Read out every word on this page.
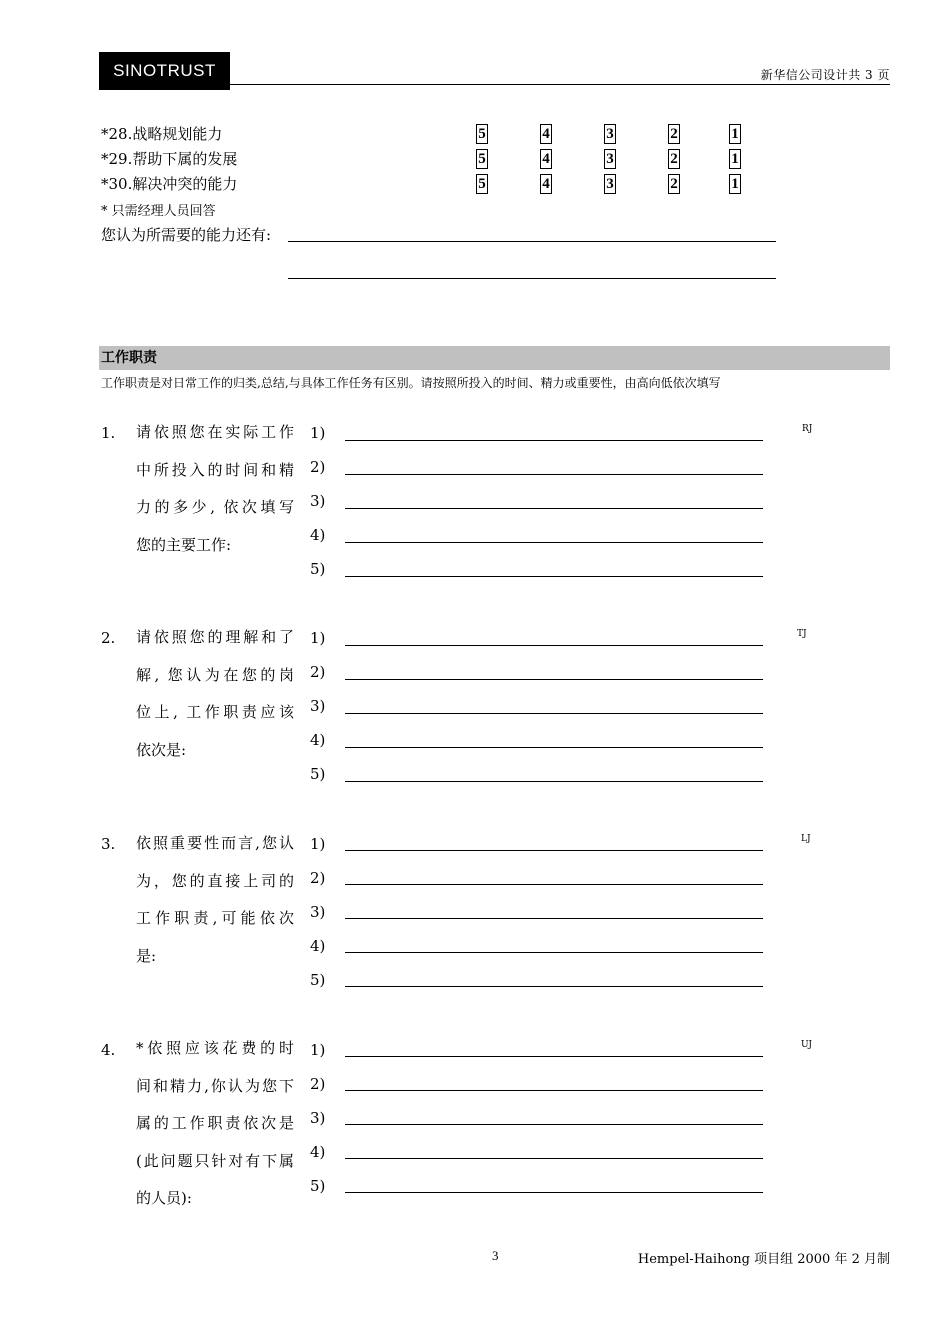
SINOTRUST	新华信公司设计共 3 页
*28.战略规划能力	5	4	3	2	1
*29.帮助下属的发展	5	4	3	2	1
*30.解决冲突的能力	5	4	3	2	1
* 只需经理人员回答
您认为所需要的能力还有:
工作职责
工作职责是对日常工作的归类,总结,与具体工作任务有区别。请按照所投入的时间、精力或重要性，由高向低依次填写
1. 请依照您在实际工作
中所投入的时间和精
力的多少, 依次填写
您的主要工作:
1)
2)
3)
4)
5)
RJ
2. 请依照您的理解和了
解, 您认为在您的岗
位上, 工作职责应该
依次是:
1)
2)
3)
4)
5)
TJ
3. 依照重要性而言,您认
为，您的直接上司的
工作职责,可能依次
是:
1)
2)
3)
4)
5)
LJ
4. *依照应该花费的时
间和精力,你认为您下
属的工作职责依次是
(此问题只针对有下属
的人员):
1)
2)
3)
4)
5)
UJ
3	Hempel-Haihong 项目组 2000 年 2 月制
